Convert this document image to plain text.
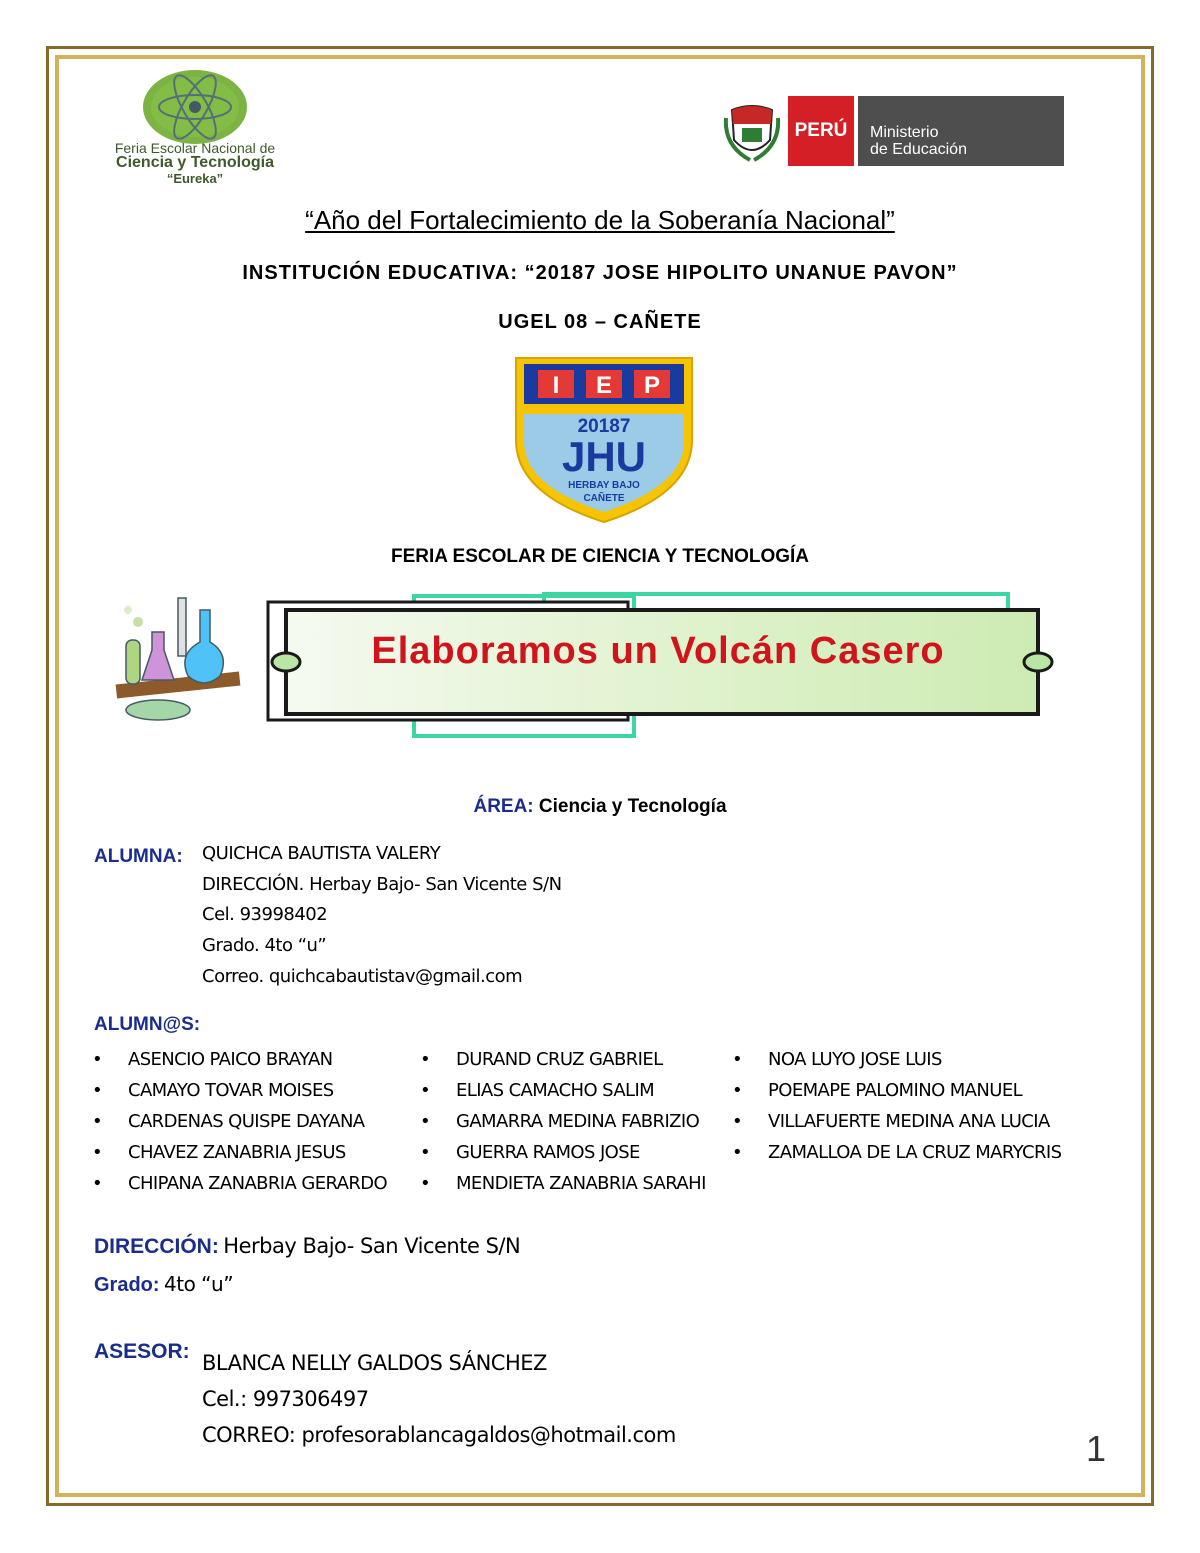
Feria Escolar Nacional de
Ciencia y Tecnología
“Eureka”
PERÚ	Ministerio
de Educación
“Año del Fortalecimiento de la Soberanía Nacional”
INSTITUCIÓN EDUCATIVA: “20187 JOSE HIPOLITO UNANUE PAVON”
UGEL 08 – CAÑETE
I	E	P
20187
JHU
HERBAY BAJO
CAÑETE
FERIA ESCOLAR DE CIENCIA Y TECNOLOGÍA
Elaboramos un Volcán Casero
ÁREA: Ciencia y Tecnología
ALUMNA: QUICHCA BAUTISTA VALERY
DIRECCIÓN. Herbay Bajo- San Vicente S/N
Cel. 93998402
Grado. 4to “u”
Correo. quichcabautistav@gmail.com
ALUMN@S:
• ASENCIO PAICO BRAYAN
• CAMAYO TOVAR MOISES
• CARDENAS QUISPE DAYANA
• CHAVEZ ZANABRIA JESUS
• CHIPANA ZANABRIA GERARDO
• DURAND CRUZ GABRIEL
• ELIAS CAMACHO SALIM
• GAMARRA MEDINA FABRIZIO
• GUERRA RAMOS JOSE
• MENDIETA ZANABRIA SARAHI
• NOA LUYO JOSE LUIS
• POEMAPE PALOMINO MANUEL
• VILLAFUERTE MEDINA ANA LUCIA
• ZAMALLOA DE LA CRUZ MARYCRIS
DIRECCIÓN: Herbay Bajo- San Vicente S/N
Grado: 4to “u”
ASESOR: BLANCA NELLY GALDOS SÁNCHEZ
Cel.: 997306497
CORREO: profesorablancagaldos@hotmail.com	1
